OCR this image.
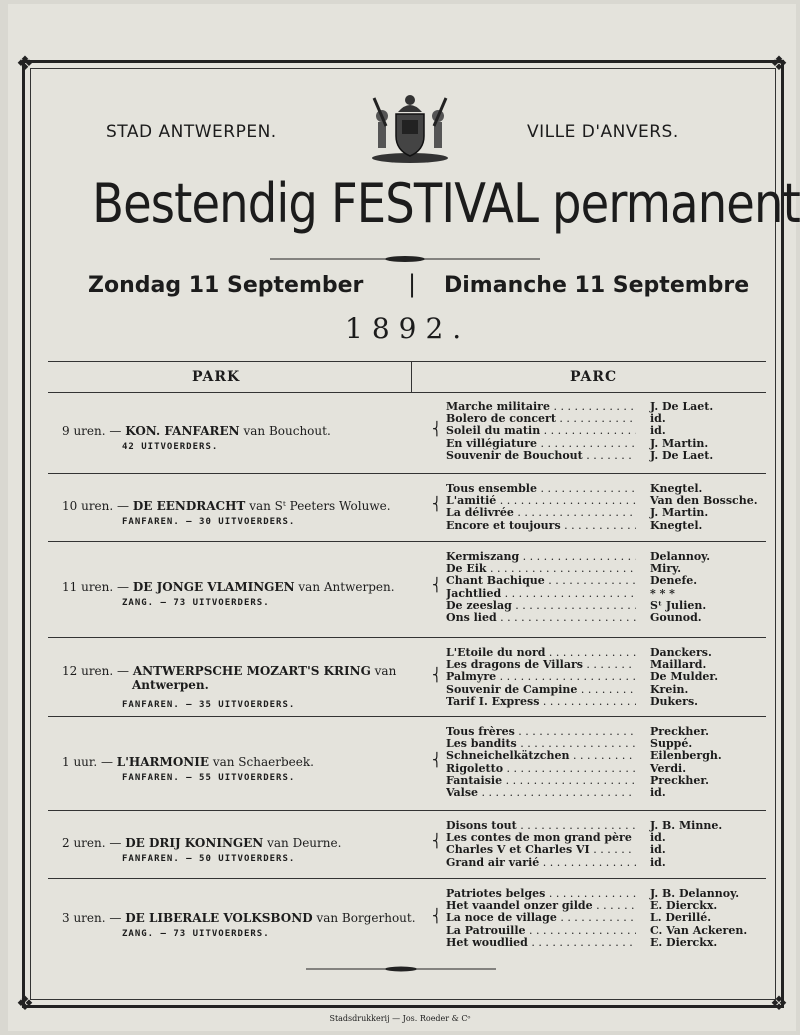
❖	❖
❖	❖
STAD ANTWERPEN.	VILLE D'ANVERS.
Bestendig FESTIVAL permanent
Zondag 11 September | Dimanche 11 Septembre
1892.
PARK	PARC
9 uren. — KON. FANFAREN van Bouchout.
42 UITVOERDERS.
⎨
Marche militaire . . .	J. De Laet.
Bolero de concert . . .	id.
Soleil du matin . . .	id.
En villégiature . . .	J. Martin.
Souvenir de Bouchout . . .	J. De Laet.
10 uren. — DE EENDRACHT van Sᵗ Peeters Woluwe.
FANFAREN. — 30 UITVOERDERS.
⎨
Tous ensemble . . .	Knegtel.
L'amitié . . .	Van den Bossche.
La délivrée . . .	J. Martin.
Encore et toujours . . .	Knegtel.
11 uren. — DE JONGE VLAMINGEN van Antwerpen.
ZANG. — 73 UITVOERDERS.
⎨
Kermiszang . . .	Delannoy.
De Eik . . .	Miry.
Chant Bachique . . .	Denefe.
Jachtlied . . .	* * *
De zeeslag . . .	Sᵗ Julien.
Ons lied . . .	Gounod.
12 uren. — ANTWERPSCHE MOZART'S KRING van
Antwerpen.
FANFAREN. — 35 UITVOERDERS.
⎨
L'Etoile du nord . . .	Danckers.
Les dragons de Villars . . .	Maillard.
Palmyre . . .	De Mulder.
Souvenir de Campine . . .	Krein.
Tarif I. Express . . .	Dukers.
1 uur. — L'HARMONIE van Schaerbeek.
FANFAREN. — 55 UITVOERDERS.
⎨
Tous frères . . .	Preckher.
Les bandits . . .	Suppé.
Schneichelkätzchen . . .	Eilenbergh.
Rigoletto . . .	Verdi.
Fantaisie . . .	Preckher.
Valse . . .	id.
2 uren. — DE DRIJ KONINGEN van Deurne.
FANFAREN. — 50 UITVOERDERS.
⎨
Disons tout . . .	J. B. Minne.
Les contes de mon grand père . . .	id.
Charles V et Charles VI . . .	id.
Grand air varié . . .	id.
3 uren. — DE LIBERALE VOLKSBOND van Borgerhout.
ZANG. — 73 UITVOERDERS.
⎨
Patriotes belges . . .	J. B. Delannoy.
Het vaandel onzer gilde . . .	E. Dierckx.
La noce de village . . .	L. Derillé.
La Patrouille . . .	C. Van Ackeren.
Het woudlied . . .	E. Dierckx.
Stadsdrukkerij — Jos. Roeder & Cᵒ
